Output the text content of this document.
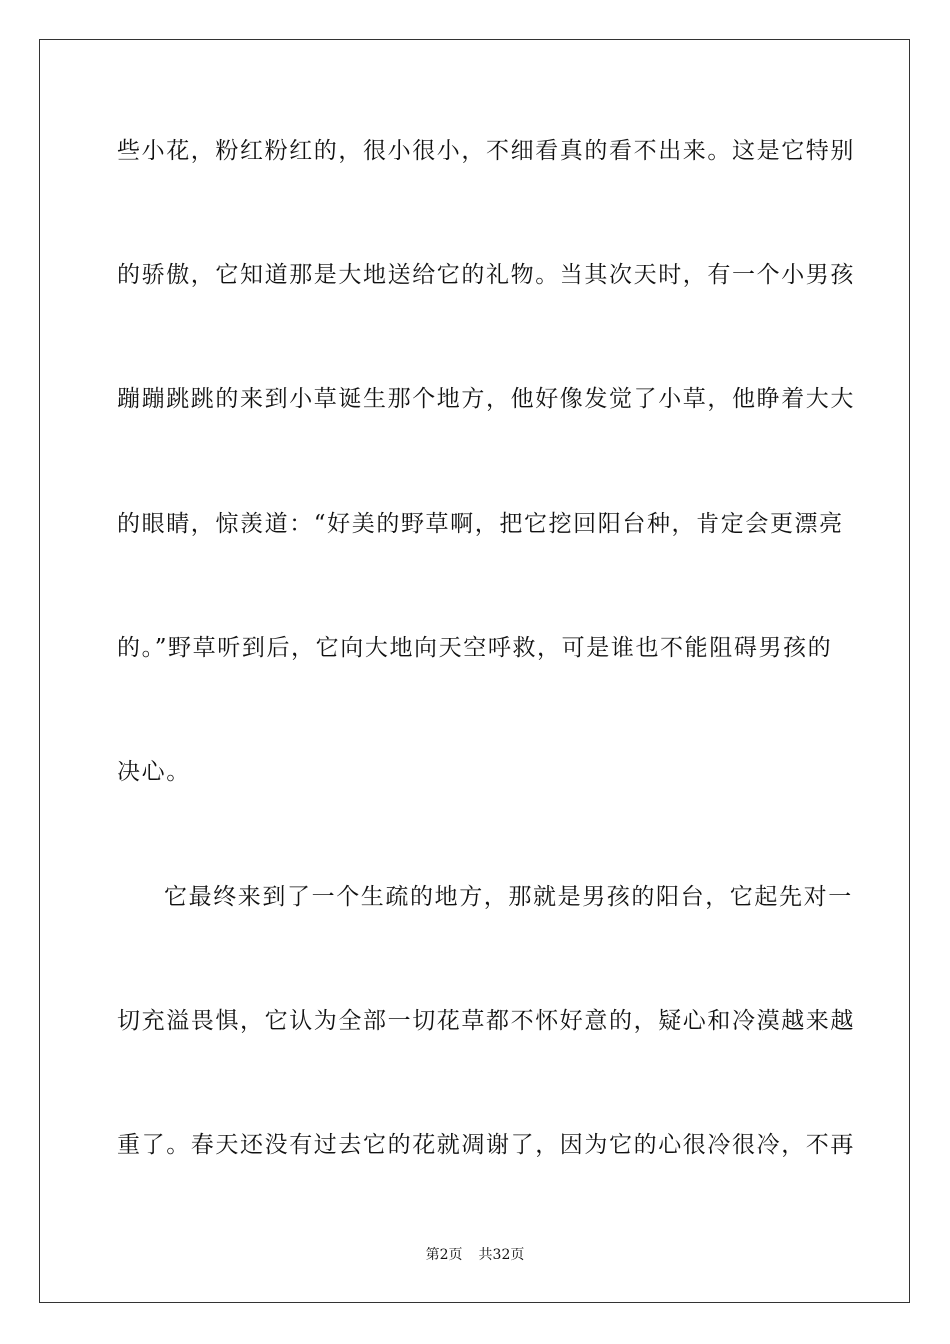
些小花，粉红粉红的，很小很小，不细看真的看不出来。这是它特别
的骄傲，它知道那是大地送给它的礼物。当其次天时，有一个小男孩
蹦蹦跳跳的来到小草诞生那个地方，他好像发觉了小草，他睁着大大
的眼睛，惊羡道：“好美的野草啊，把它挖回阳台种，肯定会更漂亮
的。”野草听到后，它向大地向天空呼救，可是谁也不能阻碍男孩的
决心。
它最终来到了一个生疏的地方，那就是男孩的阳台，它起先对一
切充溢畏惧，它认为全部一切花草都不怀好意的，疑心和冷漠越来越
重了。春天还没有过去它的花就凋谢了，因为它的心很冷很冷，不再
第2页 共32页
